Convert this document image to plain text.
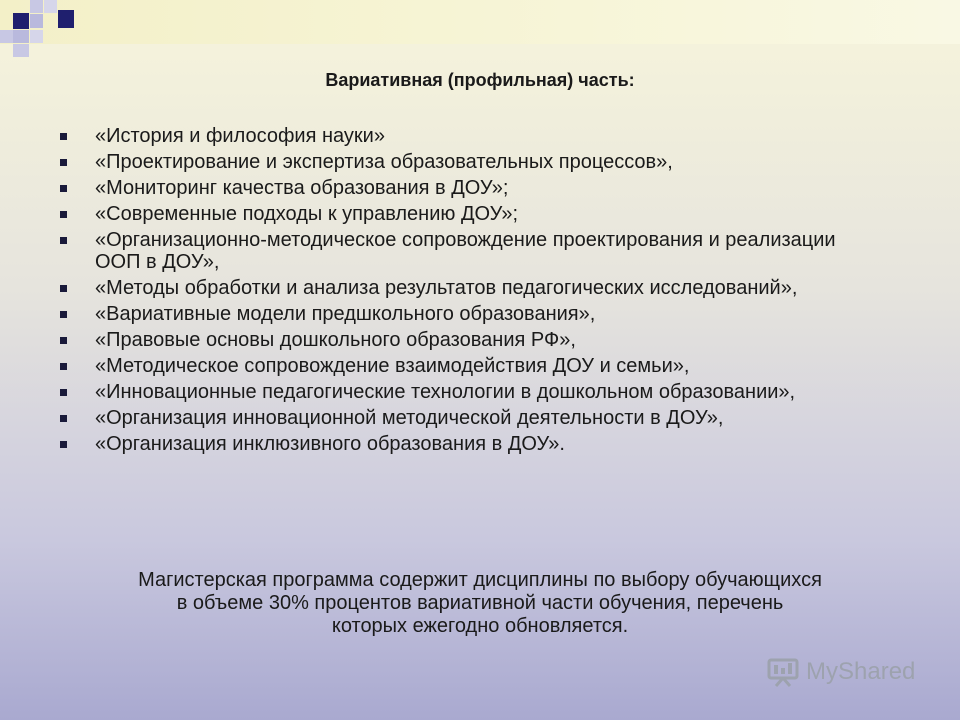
Вариативная (профильная) часть:
«История и философия науки»
«Проектирование и экспертиза образовательных процессов»,
«Мониторинг качества образования в ДОУ»;
«Современные подходы к управлению ДОУ»;
«Организационно-методическое сопровождение проектирования и реализации ООП в ДОУ»,
«Методы обработки и анализа результатов педагогических исследований»,
«Вариативные модели предшкольного образования»,
«Правовые основы дошкольного образования РФ»,
«Методическое сопровождение взаимодействия ДОУ и семьи»,
«Инновационные педагогические технологии в дошкольном образовании»,
«Организация инновационной методической деятельности в ДОУ»,
«Организация инклюзивного образования в ДОУ».

Магистерская программа содержит дисциплины по выбору обучающихся
в объеме 30% процентов вариативной части обучения, перечень
которых ежегодно обновляется.

MyShared
